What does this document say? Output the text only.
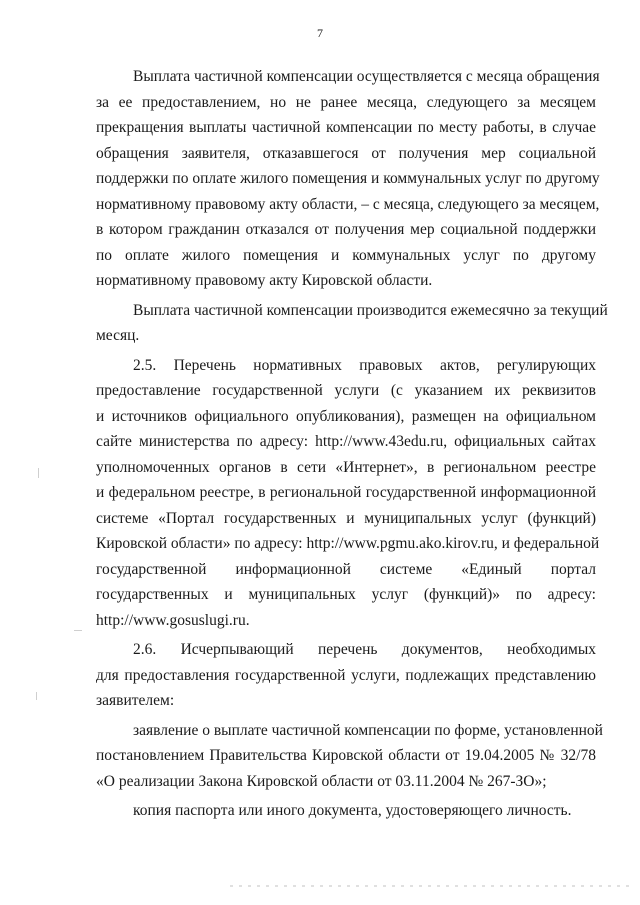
7
Выплата частичной компенсации осуществляется с месяца обращения
за ее предоставлением, но не ранее месяца, следующего за месяцем
прекращения выплаты частичной компенсации по месту работы, в случае
обращения заявителя, отказавшегося от получения мер социальной
поддержки по оплате жилого помещения и коммунальных услуг по другому
нормативному правовому акту области, – с месяца, следующего за месяцем,
в котором гражданин отказался от получения мер социальной поддержки
по оплате жилого помещения и коммунальных услуг по другому
нормативному правовому акту Кировской области.
Выплата частичной компенсации производится ежемесячно за текущий
месяц.
2.5. Перечень нормативных правовых актов, регулирующих
предоставление государственной услуги (с указанием их реквизитов
и источников официального опубликования), размещен на официальном
сайте министерства по адресу: http://www.43edu.ru, официальных сайтах
уполномоченных органов в сети «Интернет», в региональном реестре
и федеральном реестре, в региональной государственной информационной
системе «Портал государственных и муниципальных услуг (функций)
Кировской области» по адресу: http://www.pgmu.ako.kirov.ru, и федеральной
государственной информационной системе «Единый портал
государственных и муниципальных услуг (функций)» по адресу:
http://www.gosuslugi.ru.
2.6. Исчерпывающий перечень документов, необходимых
для предоставления государственной услуги, подлежащих представлению
заявителем:
заявление о выплате частичной компенсации по форме, установленной
постановлением Правительства Кировской области от 19.04.2005 № 32/78
«О реализации Закона Кировской области от 03.11.2004 № 267-ЗО»;
копия паспорта или иного документа, удостоверяющего личность.
